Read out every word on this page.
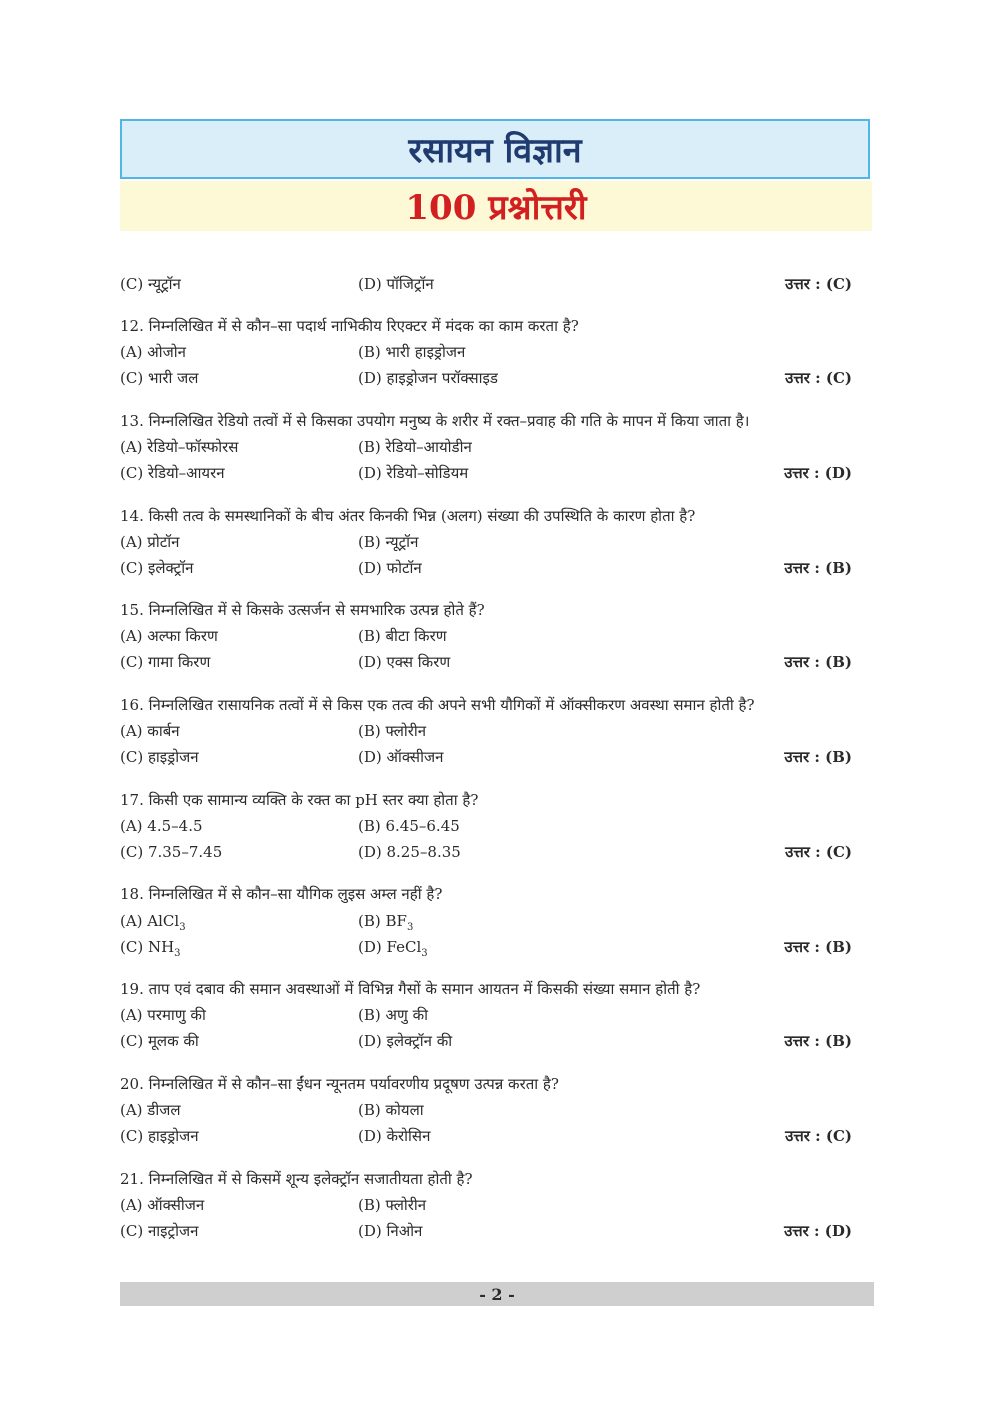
रसायन विज्ञान
100 प्रश्नोत्तरी
(C) न्यूट्रॉन	(D) पॉजिट्रॉन	उत्तर : (C)
12. निम्नलिखित में से कौन–सा पदार्थ नाभिकीय रिएक्टर में मंदक का काम करता है?
(A) ओजोन	(B) भारी हाइड्रोजन
(C) भारी जल	(D) हाइड्रोजन परॉक्साइड	उत्तर : (C)
13. निम्नलिखित रेडियो तत्वों में से किसका उपयोग मनुष्य के शरीर में रक्त–प्रवाह की गति के मापन में किया जाता है।
(A) रेडियो–फॉस्फोरस	(B) रेडियो–आयोडीन
(C) रेडियो–आयरन	(D) रेडियो–सोडियम	उत्तर : (D)
14. किसी तत्व के समस्थानिकों के बीच अंतर किनकी भिन्न (अलग) संख्या की उपस्थिति के कारण होता है?
(A) प्रोटॉन	(B) न्यूट्रॉन
(C) इलेक्ट्रॉन	(D) फोटॉन	उत्तर : (B)
15. निम्नलिखित में से किसके उत्सर्जन से समभारिक उत्पन्न होते हैं?
(A) अल्फा किरण	(B) बीटा किरण
(C) गामा किरण	(D) एक्स किरण	उत्तर : (B)
16. निम्नलिखित रासायनिक तत्वों में से किस एक तत्व की अपने सभी यौगिकों में ऑक्सीकरण अवस्था समान होती है?
(A) कार्बन	(B) फ्लोरीन
(C) हाइड्रोजन	(D) ऑक्सीजन	उत्तर : (B)
17. किसी एक सामान्य व्यक्ति के रक्त का pH स्तर क्या होता है?
(A) 4.5–4.5	(B) 6.45–6.45
(C) 7.35–7.45	(D) 8.25–8.35	उत्तर : (C)
18. निम्नलिखित में से कौन–सा यौगिक लुइस अम्ल नहीं है?
(A) AlCl$_3$	(B) $BF_3$
(C) $NH_3$	(D) FeCl$_3$	उत्तर : (B)
19. ताप एवं दबाव की समान अवस्थाओं में विभिन्न गैसों के समान आयतन में किसकी संख्या समान होती है?
(A) परमाणु की	(B) अणु की
(C) मूलक की	(D) इलेक्ट्रॉन की	उत्तर : (B)
20. निम्नलिखित में से कौन–सा ईंधन न्यूनतम पर्यावरणीय प्रदूषण उत्पन्न करता है?
(A) डीजल	(B) कोयला
(C) हाइड्रोजन	(D) केरोसिन	उत्तर : (C)
21. निम्नलिखित में से किसमें शून्य इलेक्ट्रॉन सजातीयता होती है?
(A) ऑक्सीजन	(B) फ्लोरीन
(C) नाइट्रोजन	(D) निओन	उत्तर : (D)
- 2 -
